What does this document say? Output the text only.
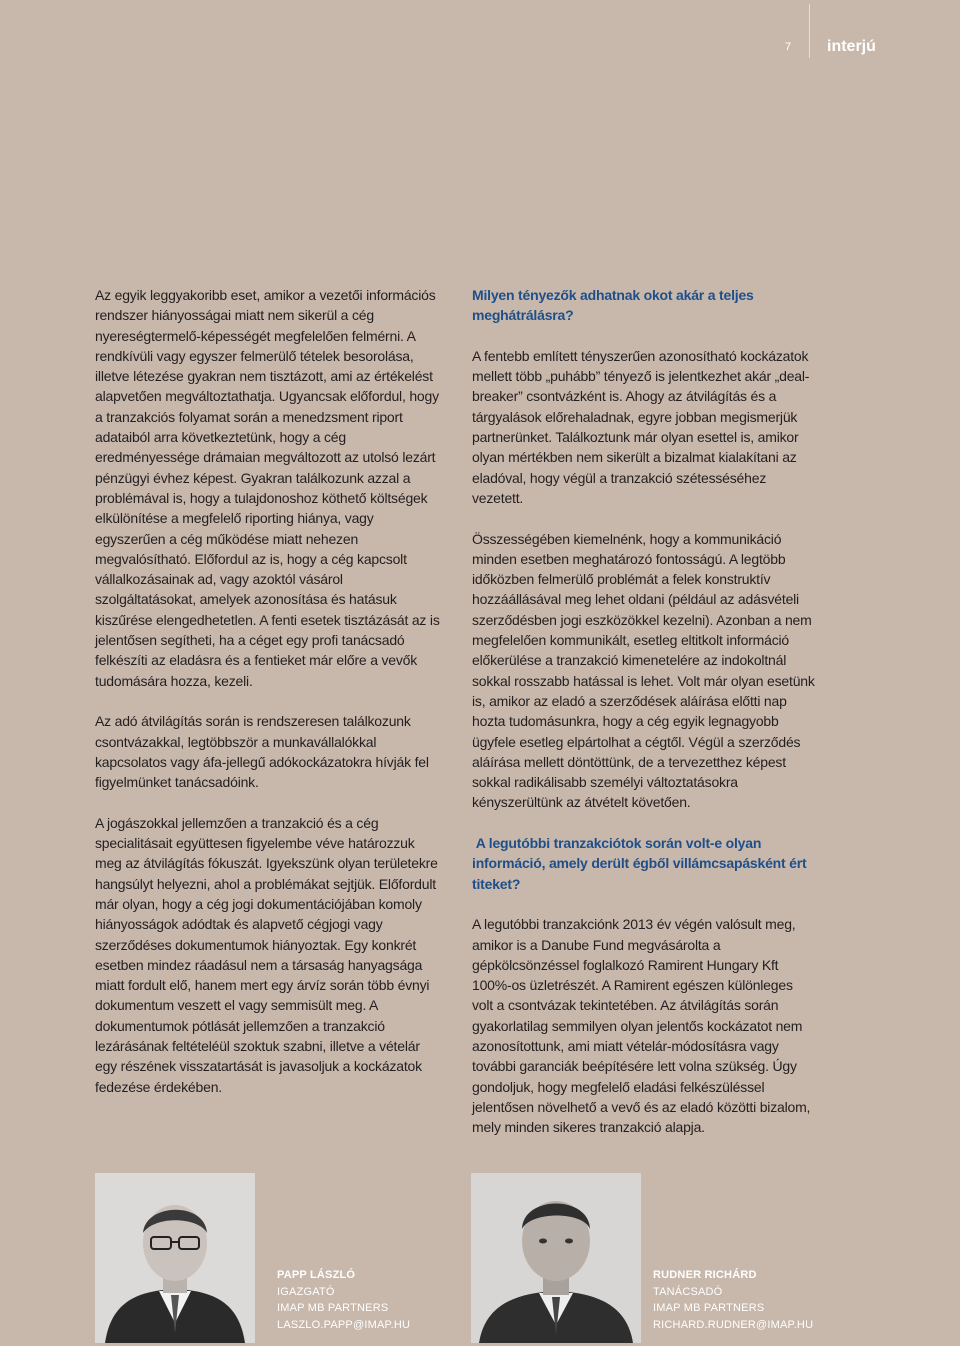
7	interjú

Az egyik leggyakoribb eset, amikor a vezetői információs rendszer hiányosságai miatt nem sikerül a cég nyereségtermelő-képességét megfelelően felmérni. A rendkívüli vagy egyszer felmerülő tételek besorolása, illetve létezése gyakran nem tisztázott, ami az értékelést alapvetően megváltoztathatja. Ugyancsak előfordul, hogy a tranzakciós folyamat során a menedzsment riport adataiból arra következtetünk, hogy a cég eredményessége drámaian megváltozott az utolsó lezárt pénzügyi évhez képest. Gyakran találkozunk azzal a problémával is, hogy a tulajdonoshoz köthető költségek elkülönítése a megfelelő riporting hiánya, vagy egyszerűen a cég működése miatt nehezen megvalósítható. Előfordul az is, hogy a cég kapcsolt vállalkozásainak ad, vagy azoktól vásárol szolgáltatásokat, amelyek azonosítása és hatásuk kiszűrése elengedhetetlen. A fenti esetek tisztázását az is jelentősen segítheti, ha a céget egy profi tanácsadó felkészíti az eladásra és a fentieket már előre a vevők tudomására hozza, kezeli.

Az adó átvilágítás során is rendszeresen találkozunk csontvázakkal, legtöbbször a munkavállalókkal kapcsolatos vagy áfa-jellegű adókockázatokra hívják fel figyelmünket tanácsadóink.

A jogászokkal jellemzően a tranzakció és a cég specialitásait együttesen figyelembe véve határozzuk meg az átvilágítás fókuszát. Igyekszünk olyan területekre hangsúlyt helyezni, ahol a problémákat sejtjük. Előfordult már olyan, hogy a cég jogi dokumentációjában komoly hiányosságok adódtak és alapvető cégjogi vagy szerződéses dokumentumok hiányoztak. Egy konkrét esetben mindez ráadásul nem a társaság hanyagsága miatt fordult elő, hanem mert egy árvíz során több évnyi dokumentum veszett el vagy semmisült meg. A dokumentumok pótlását jellemzően a tranzakció lezárásának feltételéül szoktuk szabni, illetve a vételár egy részének visszatartását is javasoljuk a kockázatok fedezése érdekében.

Milyen tényezők adhatnak okot akár a teljes meghátrálásra?

A fentebb említett tényszerűen azonosítható kockázatok mellett több „puhább” tényező is jelentkezhet akár „deal-breaker” csontvázként is. Ahogy az átvilágítás és a tárgyalások előrehaladnak, egyre jobban megismerjük partnerünket. Találkoztunk már olyan esettel is, amikor olyan mértékben nem sikerült a bizalmat kialakítani az eladóval, hogy végül a tranzakció szétesséséhez vezetett.

Összességében kiemelnénk, hogy a kommunikáció minden esetben meghatározó fontosságú. A legtöbb időközben felmerülő problémát a felek konstruktív hozzáállásával meg lehet oldani (például az adásvételi szerződésben jogi eszközökkel kezelni). Azonban a nem megfelelően kommunikált, esetleg eltitkolt információ előkerülése a tranzakció kimenetelére az indokoltnál sokkal rosszabb hatással is lehet. Volt már olyan esetünk is, amikor az eladó a szerződések aláírása előtti nap hozta tudomásunkra, hogy a cég egyik legnagyobb ügyfele esetleg elpártolhat a cégtől. Végül a szerződés aláírása mellett döntöttünk, de a tervezetthez képest sokkal radikálisabb személyi változtatásokra kényszerültünk az átvételt követően.

A legutóbbi tranzakciótok során volt-e olyan információ, amely derült égből villámcsapásként ért titeket?

A legutóbbi tranzakciónk 2013 év végén valósult meg, amikor is a Danube Fund megvásárolta a gépkölcsönzéssel foglalkozó Ramirent Hungary Kft 100%-os üzletrészét. A Ramirent egészen különleges volt a csontvázak tekintetében. Az átvilágítás során gyakorlatilag semmilyen olyan jelentős kockázatot nem azonosítottunk, ami miatt vételár-módosításra vagy további garanciák beépítésére lett volna szükség. Úgy gondoljuk, hogy megfelelő eladási felkészüléssel jelentősen növelhető a vevő és az eladó közötti bizalom, mely minden sikeres tranzakció alapja.

PAPP LÁSZLÓ
IGAZGATÓ
IMAP MB PARTNERS
LASZLO.PAPP@IMAP.HU
RUDNER RICHÁRD
TANÁCSADÓ
IMAP MB PARTNERS
RICHARD.RUDNER@IMAP.HU
